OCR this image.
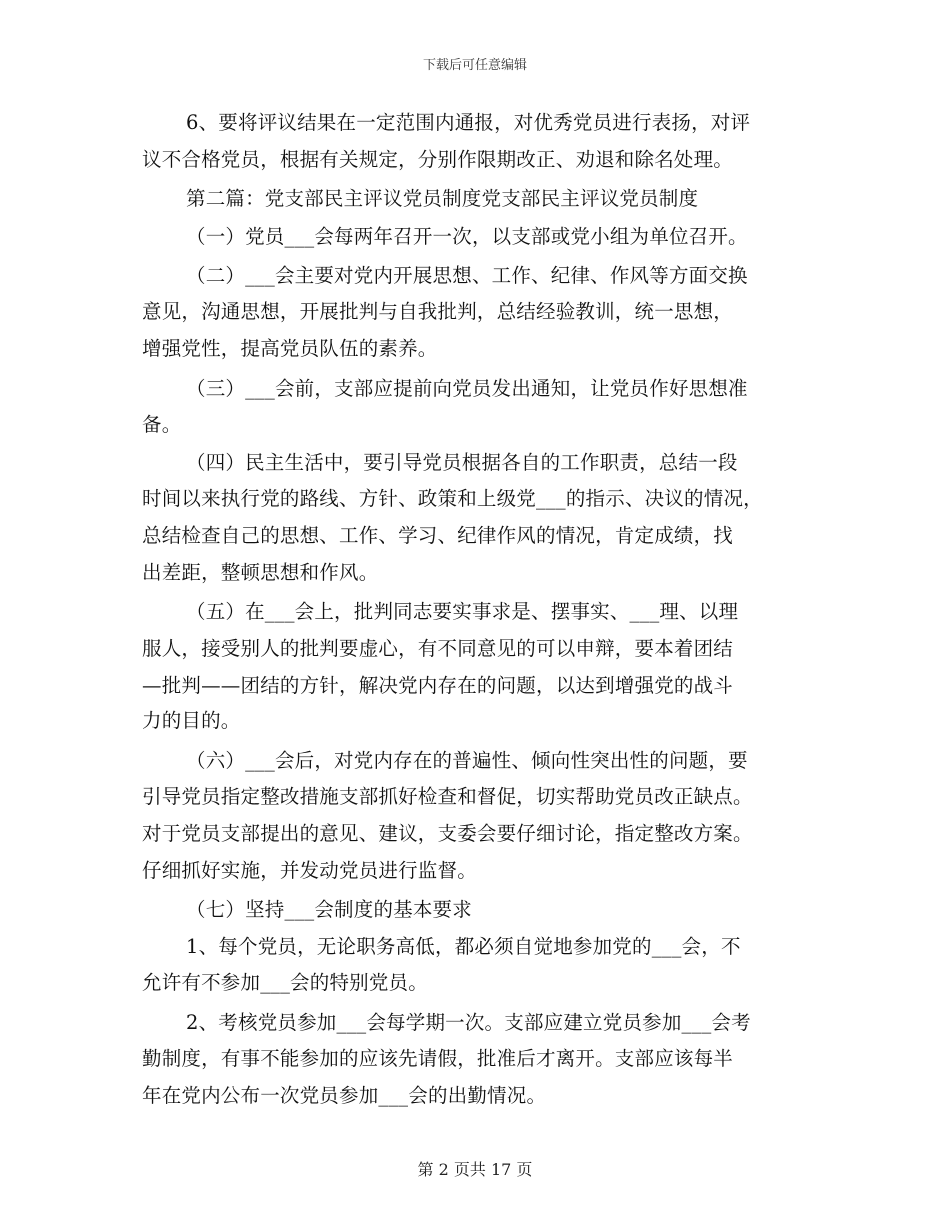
下载后可任意编辑
6、要将评议结果在一定范围内通报，对优秀党员进行表扬，对评
议不合格党员，根据有关规定，分别作限期改正、劝退和除名处理。
第二篇：党支部民主评议党员制度党支部民主评议党员制度
（一）党员___会每两年召开一次，以支部或党小组为单位召开。
（二）___会主要对党内开展思想、工作、纪律、作风等方面交换
意见，沟通思想，开展批判与自我批判，总结经验教训，统一思想，
增强党性，提高党员队伍的素养。
（三）___会前，支部应提前向党员发出通知，让党员作好思想准
备。
（四）民主生活中，要引导党员根据各自的工作职责，总结一段
时间以来执行党的路线、方针、政策和上级党___的指示、决议的情况，
总结检查自己的思想、工作、学习、纪律作风的情况，肯定成绩，找
出差距，整顿思想和作风。
（五）在___会上，批判同志要实事求是、摆事实、___理、以理
服人，接受别人的批判要虚心，有不同意见的可以申辩，要本着团结
—批判——团结的方针，解决党内存在的问题，以达到增强党的战斗
力的目的。
（六）___会后，对党内存在的普遍性、倾向性突出性的问题，要
引导党员指定整改措施支部抓好检查和督促，切实帮助党员改正缺点。
对于党员支部提出的意见、建议，支委会要仔细讨论，指定整改方案。
仔细抓好实施，并发动党员进行监督。
（七）坚持___会制度的基本要求
1、每个党员，无论职务高低，都必须自觉地参加党的___会，不
允许有不参加___会的特别党员。
2、考核党员参加___会每学期一次。支部应建立党员参加___会考
勤制度，有事不能参加的应该先请假，批准后才离开。支部应该每半
年在党内公布一次党员参加___会的出勤情况。
第 2 页共 17 页
